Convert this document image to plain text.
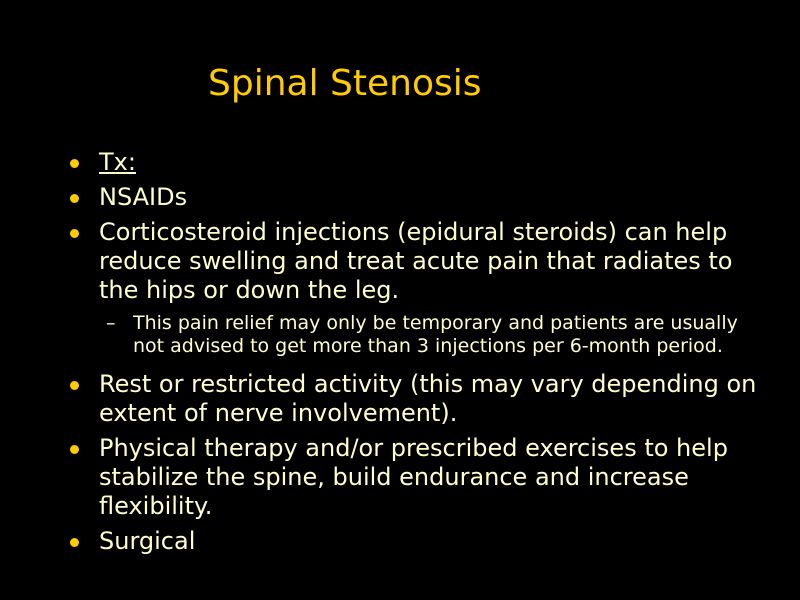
Spinal Stenosis
Tx:
NSAIDs
Corticosteroid injections (epidural steroids) can help reduce swelling and treat acute pain that radiates to the hips or down the leg.
– This pain relief may only be temporary and patients are usually not advised to get more than 3 injections per 6-month period.
Rest or restricted activity (this may vary depending on extent of nerve involvement).
Physical therapy and/or prescribed exercises to help stabilize the spine, build endurance and increase flexibility.
Surgical
